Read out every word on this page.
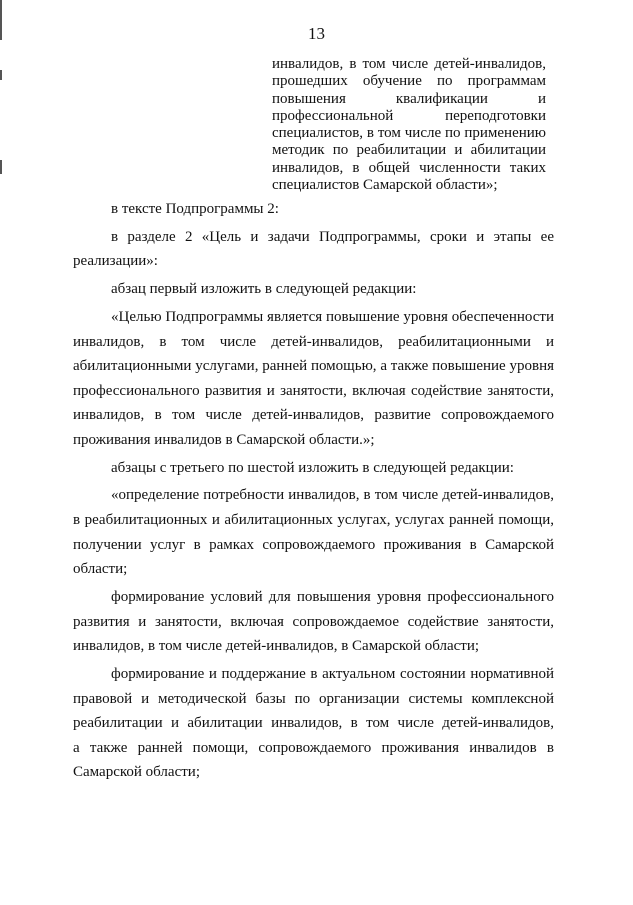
13
инвалидов, в том числе детей-инвалидов,
прошедших обучение по программам
повышения квалификации и
профессиональной переподготовки
специалистов, в том числе по применению
методик по реабилитации и абилитации
инвалидов, в общей численности таких
специалистов Самарской области»;
в тексте Подпрограммы 2:
в разделе 2 «Цель и задачи Подпрограммы, сроки и этапы ее
реализации»:
абзац первый изложить в следующей редакции:
«Целью Подпрограммы является повышение уровня обеспеченности
инвалидов, в том числе детей-инвалидов, реабилитационными и
абилитационными услугами, ранней помощью, а также повышение уровня
профессионального развития и занятости, включая содействие занятости,
инвалидов, в том числе детей-инвалидов, развитие сопровождаемого
проживания инвалидов в Самарской области.»;
абзацы с третьего по шестой изложить в следующей редакции:
«определение потребности инвалидов, в том числе детей-инвалидов,
в реабилитационных и абилитационных услугах, услугах ранней помощи,
получении услуг в рамках сопровождаемого проживания в Самарской
области;
формирование условий для повышения уровня профессионального
развития и занятости, включая сопровождаемое содействие занятости,
инвалидов, в том числе детей-инвалидов, в Самарской области;
формирование и поддержание в актуальном состоянии нормативной
правовой и методической базы по организации системы комплексной
реабилитации и абилитации инвалидов, в том числе детей-инвалидов,
а также ранней помощи, сопровождаемого проживания инвалидов в
Самарской области;
